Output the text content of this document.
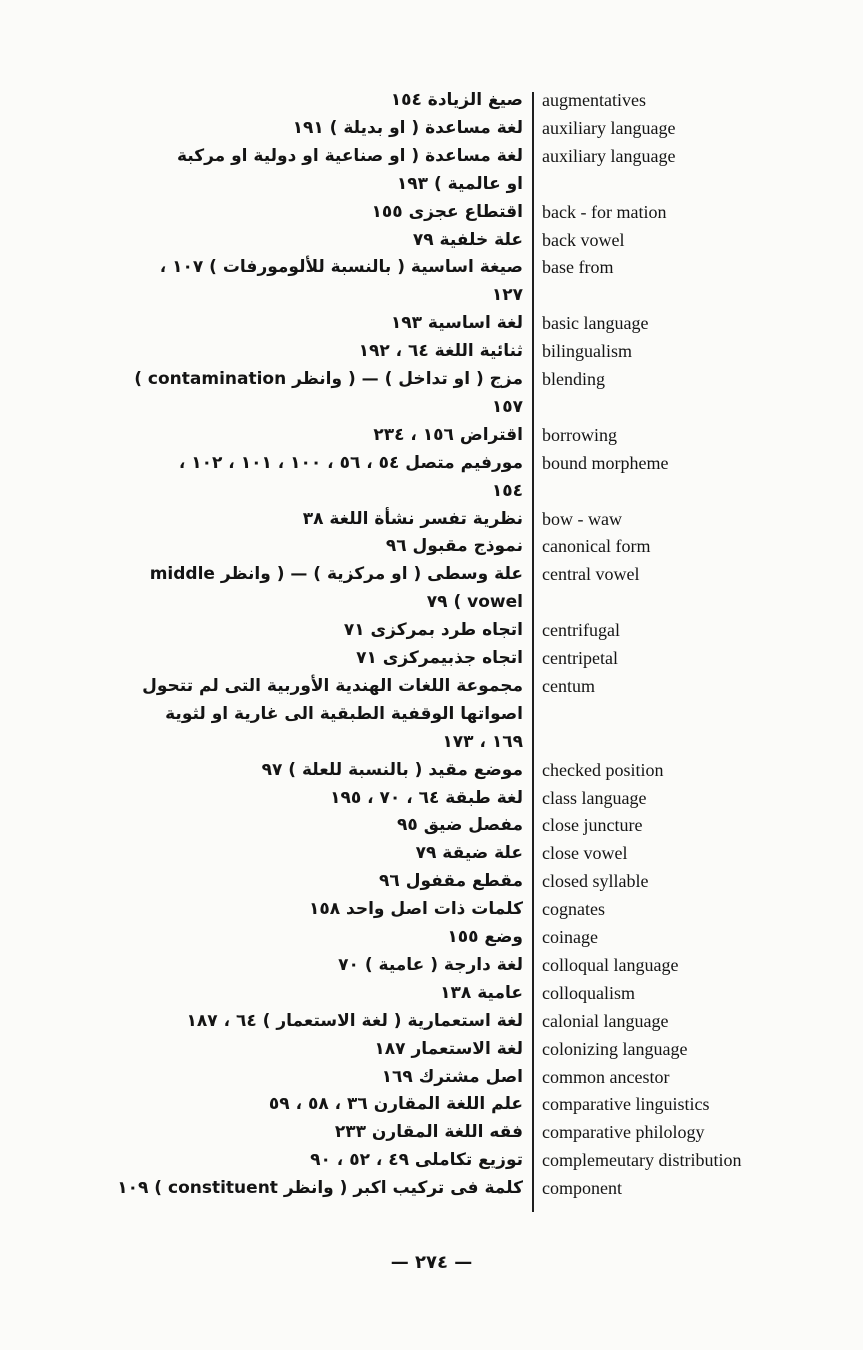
augmentatives
صيغ الزيادة ١٥٤
auxiliary language
لغة مساعدة ( او بديلة ) ١٩١
auxiliary language
لغة مساعدة ( او صناعية او دولية او مركبة
او عالمية ) ١٩٣
back - for mation
اقتطاع عجزى ١٥٥
back vowel
علة خلفية ٧٩
base from
صيغة اساسية ( بالنسبة للألومورفات ) ١٠٧ ،
١٢٧
basic language
لغة اساسية ١٩٣
bilingualism
ثنائية اللغة ٦٤ ، ١٩٢
blending
مزج ( او تداخل ) — ( وانظر contamination )
١٥٧
borrowing
اقتراض ١٥٦ ، ٢٣٤
bound morpheme
مورفيم متصل ٥٤ ، ٥٦ ، ١٠٠ ، ١٠١ ، ١٠٢ ،
١٥٤
bow - waw
نظرية تفسر نشأة اللغة ٣٨
canonical form
نموذج مقبول ٩٦
central vowel
علة وسطى ( او مركزية ) — ( وانظر middle
vowel ) ٧٩
centrifugal
اتجاه طرد بمركزى ٧١
centripetal
اتجاه جذبيمركزى ٧١
centum
مجموعة اللغات الهندية الأوربية التى لم تتحول
اصواتها الوقفية الطبقية الى غارية او لثوية
١٦٩ ، ١٧٣
checked position
موضع مقيد ( بالنسبة للعلة ) ٩٧
class language
لغة طبقة ٦٤ ، ٧٠ ، ١٩٥
close juncture
مفصل ضيق ٩٥
close vowel
علة ضيقة ٧٩
closed syllable
مقطع مقفول ٩٦
cognates
كلمات ذات اصل واحد ١٥٨
coinage
وضع ١٥٥
colloqual language
لغة دارجة ( عامية ) ٧٠
colloqualism
عامية ١٣٨
calonial language
لغة استعمارية ( لغة الاستعمار ) ٦٤ ، ١٨٧
colonizing language
لغة الاستعمار ١٨٧
common ancestor
اصل مشترك ١٦٩
comparative linguistics
علم اللغة المقارن ٣٦ ، ٥٨ ، ٥٩
comparative philology
فقه اللغة المقارن ٢٣٣
complemeutary distribution
توزيع تكاملى ٤٩ ، ٥٢ ، ٩٠
component
كلمة فى تركيب اكبر ( وانظر constituent ) ١٠٩
— ٢٧٤ —
